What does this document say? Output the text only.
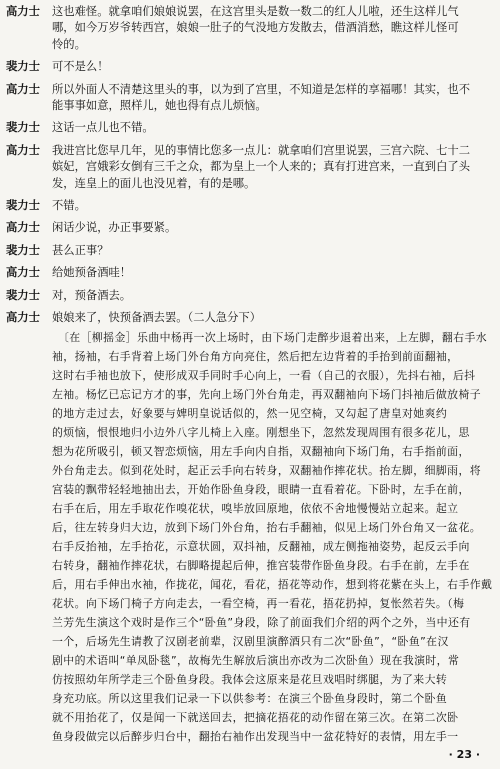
高力士	这也难怪。就拿咱们娘娘说罢，在这宫里头是数一数二的红人儿啦，还生这样儿气
哪，如今万岁爷转西宫，娘娘一肚子的气没地方发散去，借酒消愁，瞧这样儿怪可
怜的。
裴力士	可不是么！
高力士	所以外面人不清楚这里头的事，以为到了宫里，不知道是怎样的享福哪！其实，也不
能事事如意，照样儿，她也得有点儿烦恼。
裴力士	这话一点儿也不错。
高力士	我进宫比您早几年，见的事情比您多一点儿：就拿咱们宫里说罢，三宫六院、七十二
嫔妃，宫娥彩女倒有三千之众，都为皇上一个人来的；真有打进宫来，一直到白了头
发，连皇上的面儿也没见着，有的是哪。
裴力士	不错。
高力士	闲话少说，办正事要紧。
裴力士	甚么正事？
高力士	给她预备酒哇！
裴力士	对，预备酒去。
高力士	娘娘来了，快预备酒去罢。（二人急分下）
〔在［柳摇金］乐曲中杨再一次上场时，由下场门走醉步退着出来，上左脚，翻右手水
袖，扬袖，右手背着上场门外台角方向亮住，然后把左边背着的手抬到前面翻袖，
这时右手袖也放下，使形成双手同时手心向上，一看（自己的衣服），先抖右袖，后抖
左袖。杨忆已忘记方才的事，先向上场门外台角走，再双翻袖向下场门抖袖后做放椅子
的地方走过去，好象要与婢明皇说话似的，然一见空椅，又勾起了唐皇对她爽约
的烦恼，恨恨地归小边外八字儿椅上入座。刚想坐下，忽然发现周围有很多花儿，思
想为花所吸引，顿又智恋烦恼，用左手向内自指，双翻袖向下场门角，右手指前面，
外台角走去。似到花处时，起正云手向右转身，双翻袖作摔花状。抬左脚，细脚雨，将
宫装的飘带轻轻地抽出去，开始作卧鱼身段，眼睛一直看着花。下卧时，左手在前，
右手在后，用左手取花作嗅花状，嗅毕放回原地，依依不舍地慢慢站立起来。起立
后，往左转身归大边，放到下场门外台角，抬右手翻袖，似见上场门外台角又一盆花。
右手反抬袖，左手抬花，示意状圆，双抖袖，反翻袖，成左侧拖袖姿势，起反云手向
右转身，翻袖作摔花状，右脚略提起后伸，推宫装带作卧鱼身段。右手在前，左手在
后，用右手伸出水袖，作拢花，闻花，看花，捂花等动作，想到将花紫在头上，右手作戴
花状。向下场门椅子方向走去，一看空椅，再一看花，捂花扔掉，复怅然若失。（梅
兰芳先生演这个戏时是作三个“卧鱼”身段，除了前面我们介绍的两个之外，当中还有
一个，后场先生请教了汉剧老前辈，汉剧里演醉酒只有二次“卧鱼”，“卧鱼”在汉
剧中的术语叫“单凤卧毯”，故梅先生解放后演出亦改为二次卧鱼）现在我演时，常
仿按照幼年所学走三个卧鱼身段。我体会这原来是花旦戏唱时绑腿，为了来大转
身充功底。所以这里我们记录一下以供参考：在演三个卧鱼身段时，第二个卧鱼
就不用抬花了，仅是闻一下就送回去，把摘花捂花的动作留在第三次。在第二次卧
鱼身段做完以后醉步归台中，翻抬右袖作出发现当中一盆花特好的表情，用左手一
· 23 ·
